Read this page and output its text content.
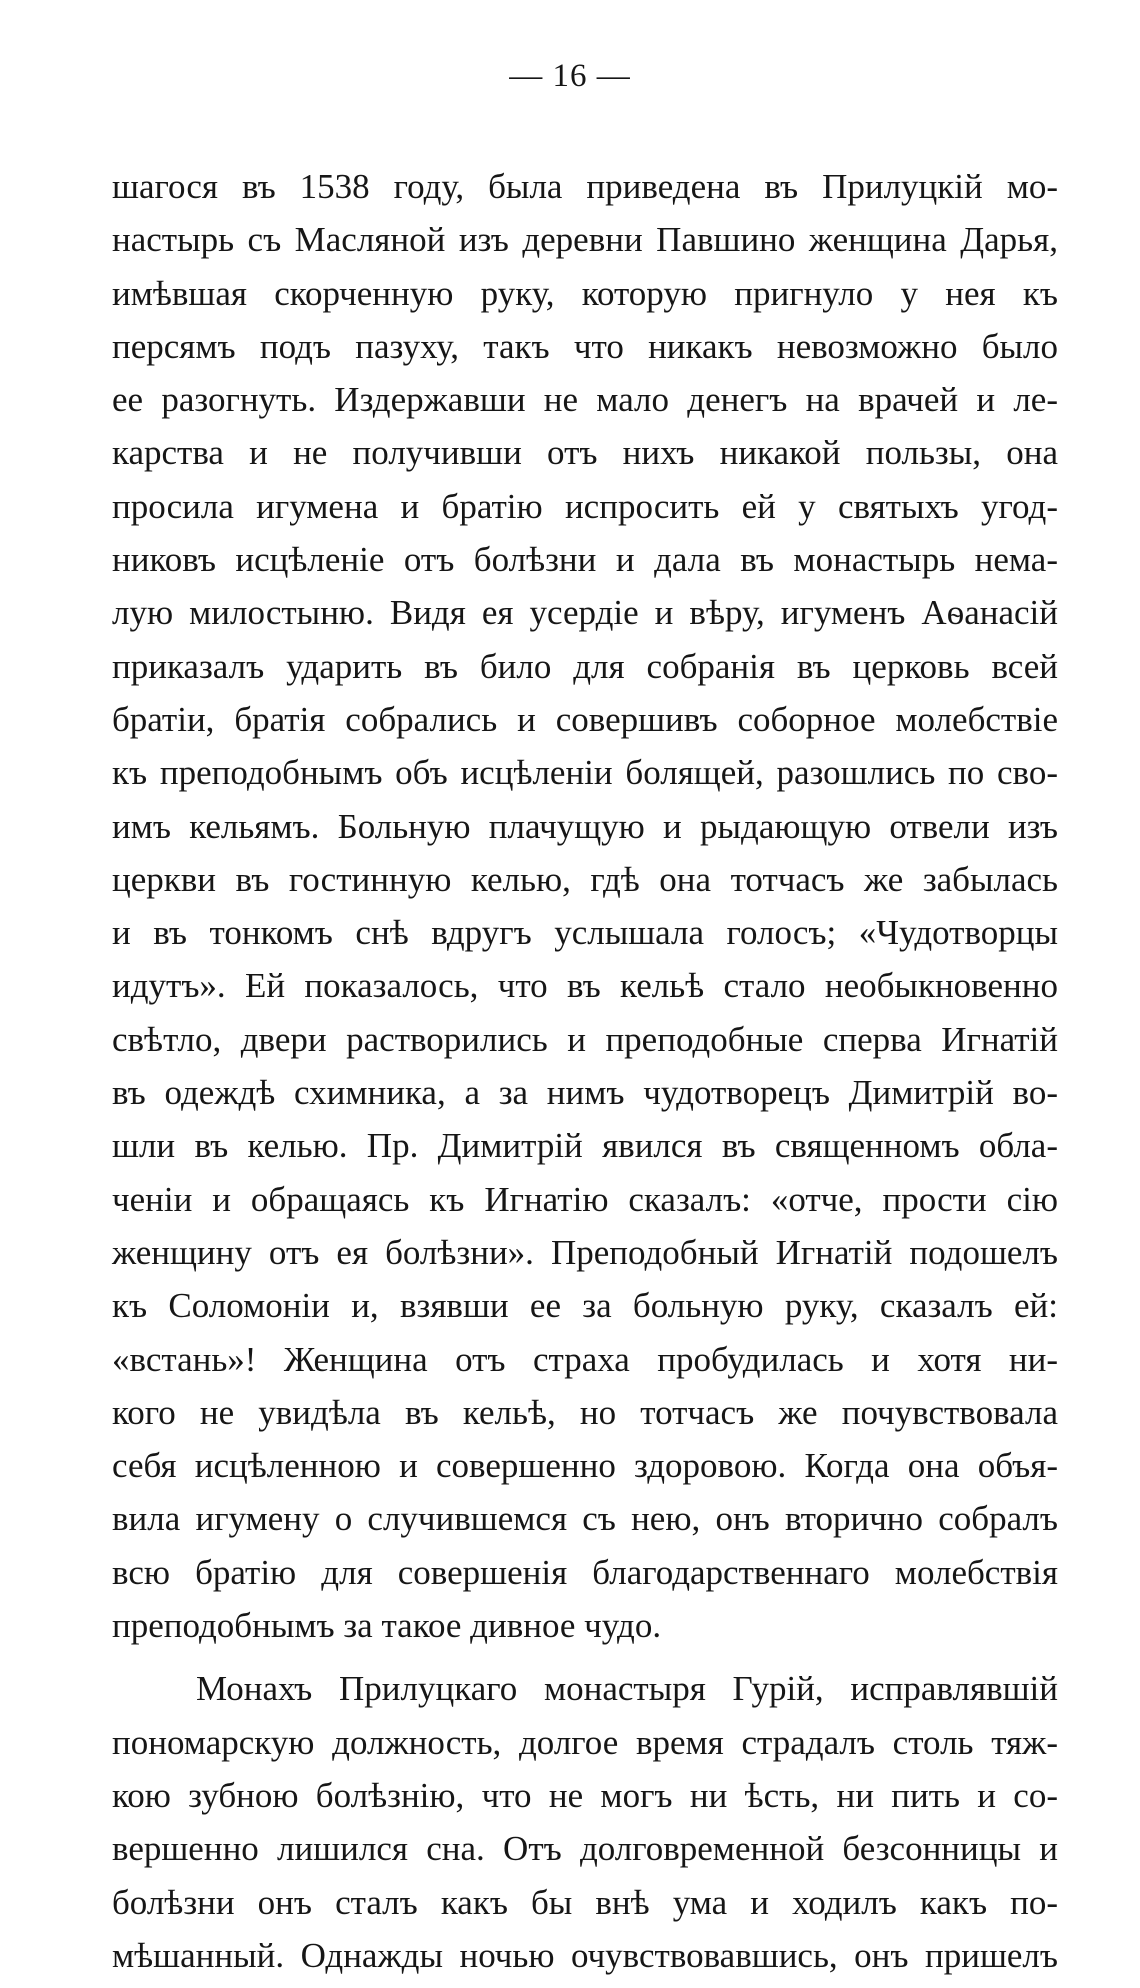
— 16 —
шагося въ 1538 году, была приведена въ Прилуцкій мо-
настырь съ Масляной изъ деревни Павшино женщина Дарья,
имѣвшая скорченную руку, которую пригнуло у нея къ
персямъ подъ пазуху, такъ что никакъ невозможно было
ее разогнуть. Издержавши не мало денегъ на врачей и ле-
карства и не получивши отъ нихъ никакой пользы, она
просила игумена и братію испросить ей у святыхъ угод-
никовъ исцѣленіе отъ болѣзни и дала въ монастырь нема-
лую милостыню. Видя ея усердіе и вѣру, игуменъ Аѳанасій
приказалъ ударить въ било для собранія въ церковь всей
братіи, братія собрались и совершивъ соборное молебствіе
къ преподобнымъ объ исцѣленіи болящей, разошлись по сво-
имъ кельямъ. Больную плачущую и рыдающую отвели изъ
церкви въ гостинную келью, гдѣ она тотчасъ же забылась
и въ тонкомъ снѣ вдругъ услышала голосъ; «Чудотворцы
идутъ». Ей показалось, что въ кельѣ стало необыкновенно
свѣтло, двери растворились и преподобные сперва Игнатій
въ одеждѣ схимника, а за нимъ чудотворецъ Димитрій во-
шли въ келью. Пр. Димитрій явился въ священномъ обла-
ченіи и обращаясь къ Игнатію сказалъ: «отче, прости сію
женщину отъ ея болѣзни». Преподобный Игнатій подошелъ
къ Соломоніи и, взявши ее за больную руку, сказалъ ей:
«встань»! Женщина отъ страха пробудилась и хотя ни-
кого не увидѣла въ кельѣ, но тотчасъ же почувствовала
себя исцѣленною и совершенно здоровою. Когда она объя-
вила игумену о случившемся съ нею, онъ вторично собралъ
всю братію для совершенія благодарственнаго молебствія
преподобнымъ за такое дивное чудо.
Монахъ Прилуцкаго монастыря Гурій, исправлявшій
пономарскую должность, долгое время страдалъ столь тяж-
кою зубною болѣзнію, что не могъ ни ѣсть, ни пить и со-
вершенно лишился сна. Отъ долговременной безсонницы и
болѣзни онъ сталъ какъ бы внѣ ума и ходилъ какъ по-
мѣшанный. Однажды ночью очувствовавшись, онъ пришелъ
